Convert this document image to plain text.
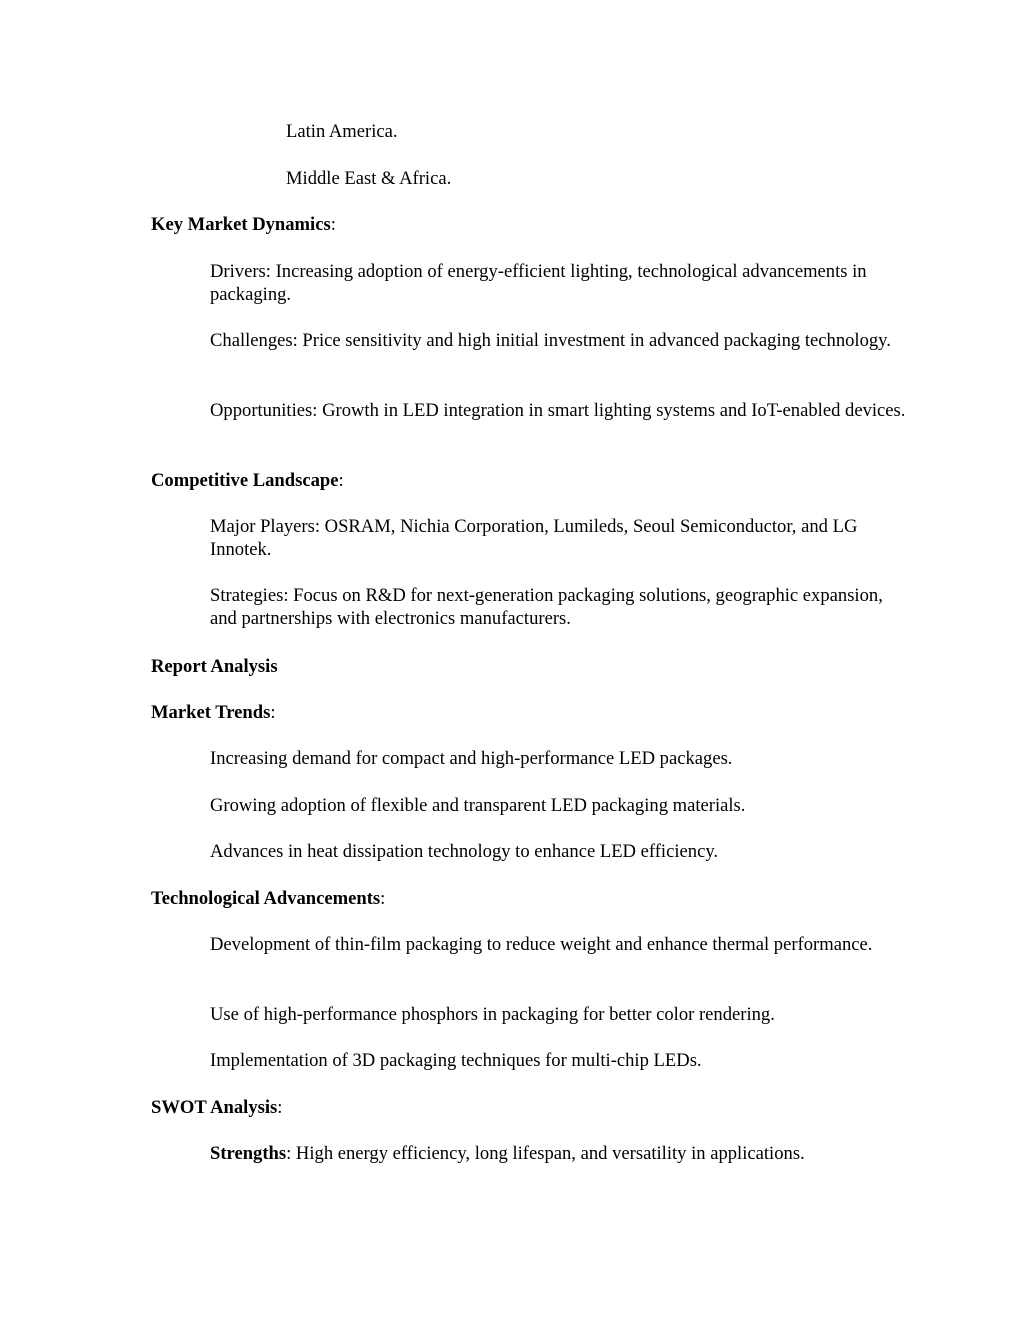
Latin America.
Middle East & Africa.
Key Market Dynamics:
Drivers: Increasing adoption of energy-efficient lighting, technological advancements in packaging.
Challenges: Price sensitivity and high initial investment in advanced packaging technology.
Opportunities: Growth in LED integration in smart lighting systems and IoT-enabled devices.
Competitive Landscape:
Major Players: OSRAM, Nichia Corporation, Lumileds, Seoul Semiconductor, and LG Innotek.
Strategies: Focus on R&D for next-generation packaging solutions, geographic expansion, and partnerships with electronics manufacturers.
Report Analysis
Market Trends:
Increasing demand for compact and high-performance LED packages.
Growing adoption of flexible and transparent LED packaging materials.
Advances in heat dissipation technology to enhance LED efficiency.
Technological Advancements:
Development of thin-film packaging to reduce weight and enhance thermal performance.
Use of high-performance phosphors in packaging for better color rendering.
Implementation of 3D packaging techniques for multi-chip LEDs.
SWOT Analysis:
Strengths: High energy efficiency, long lifespan, and versatility in applications.
